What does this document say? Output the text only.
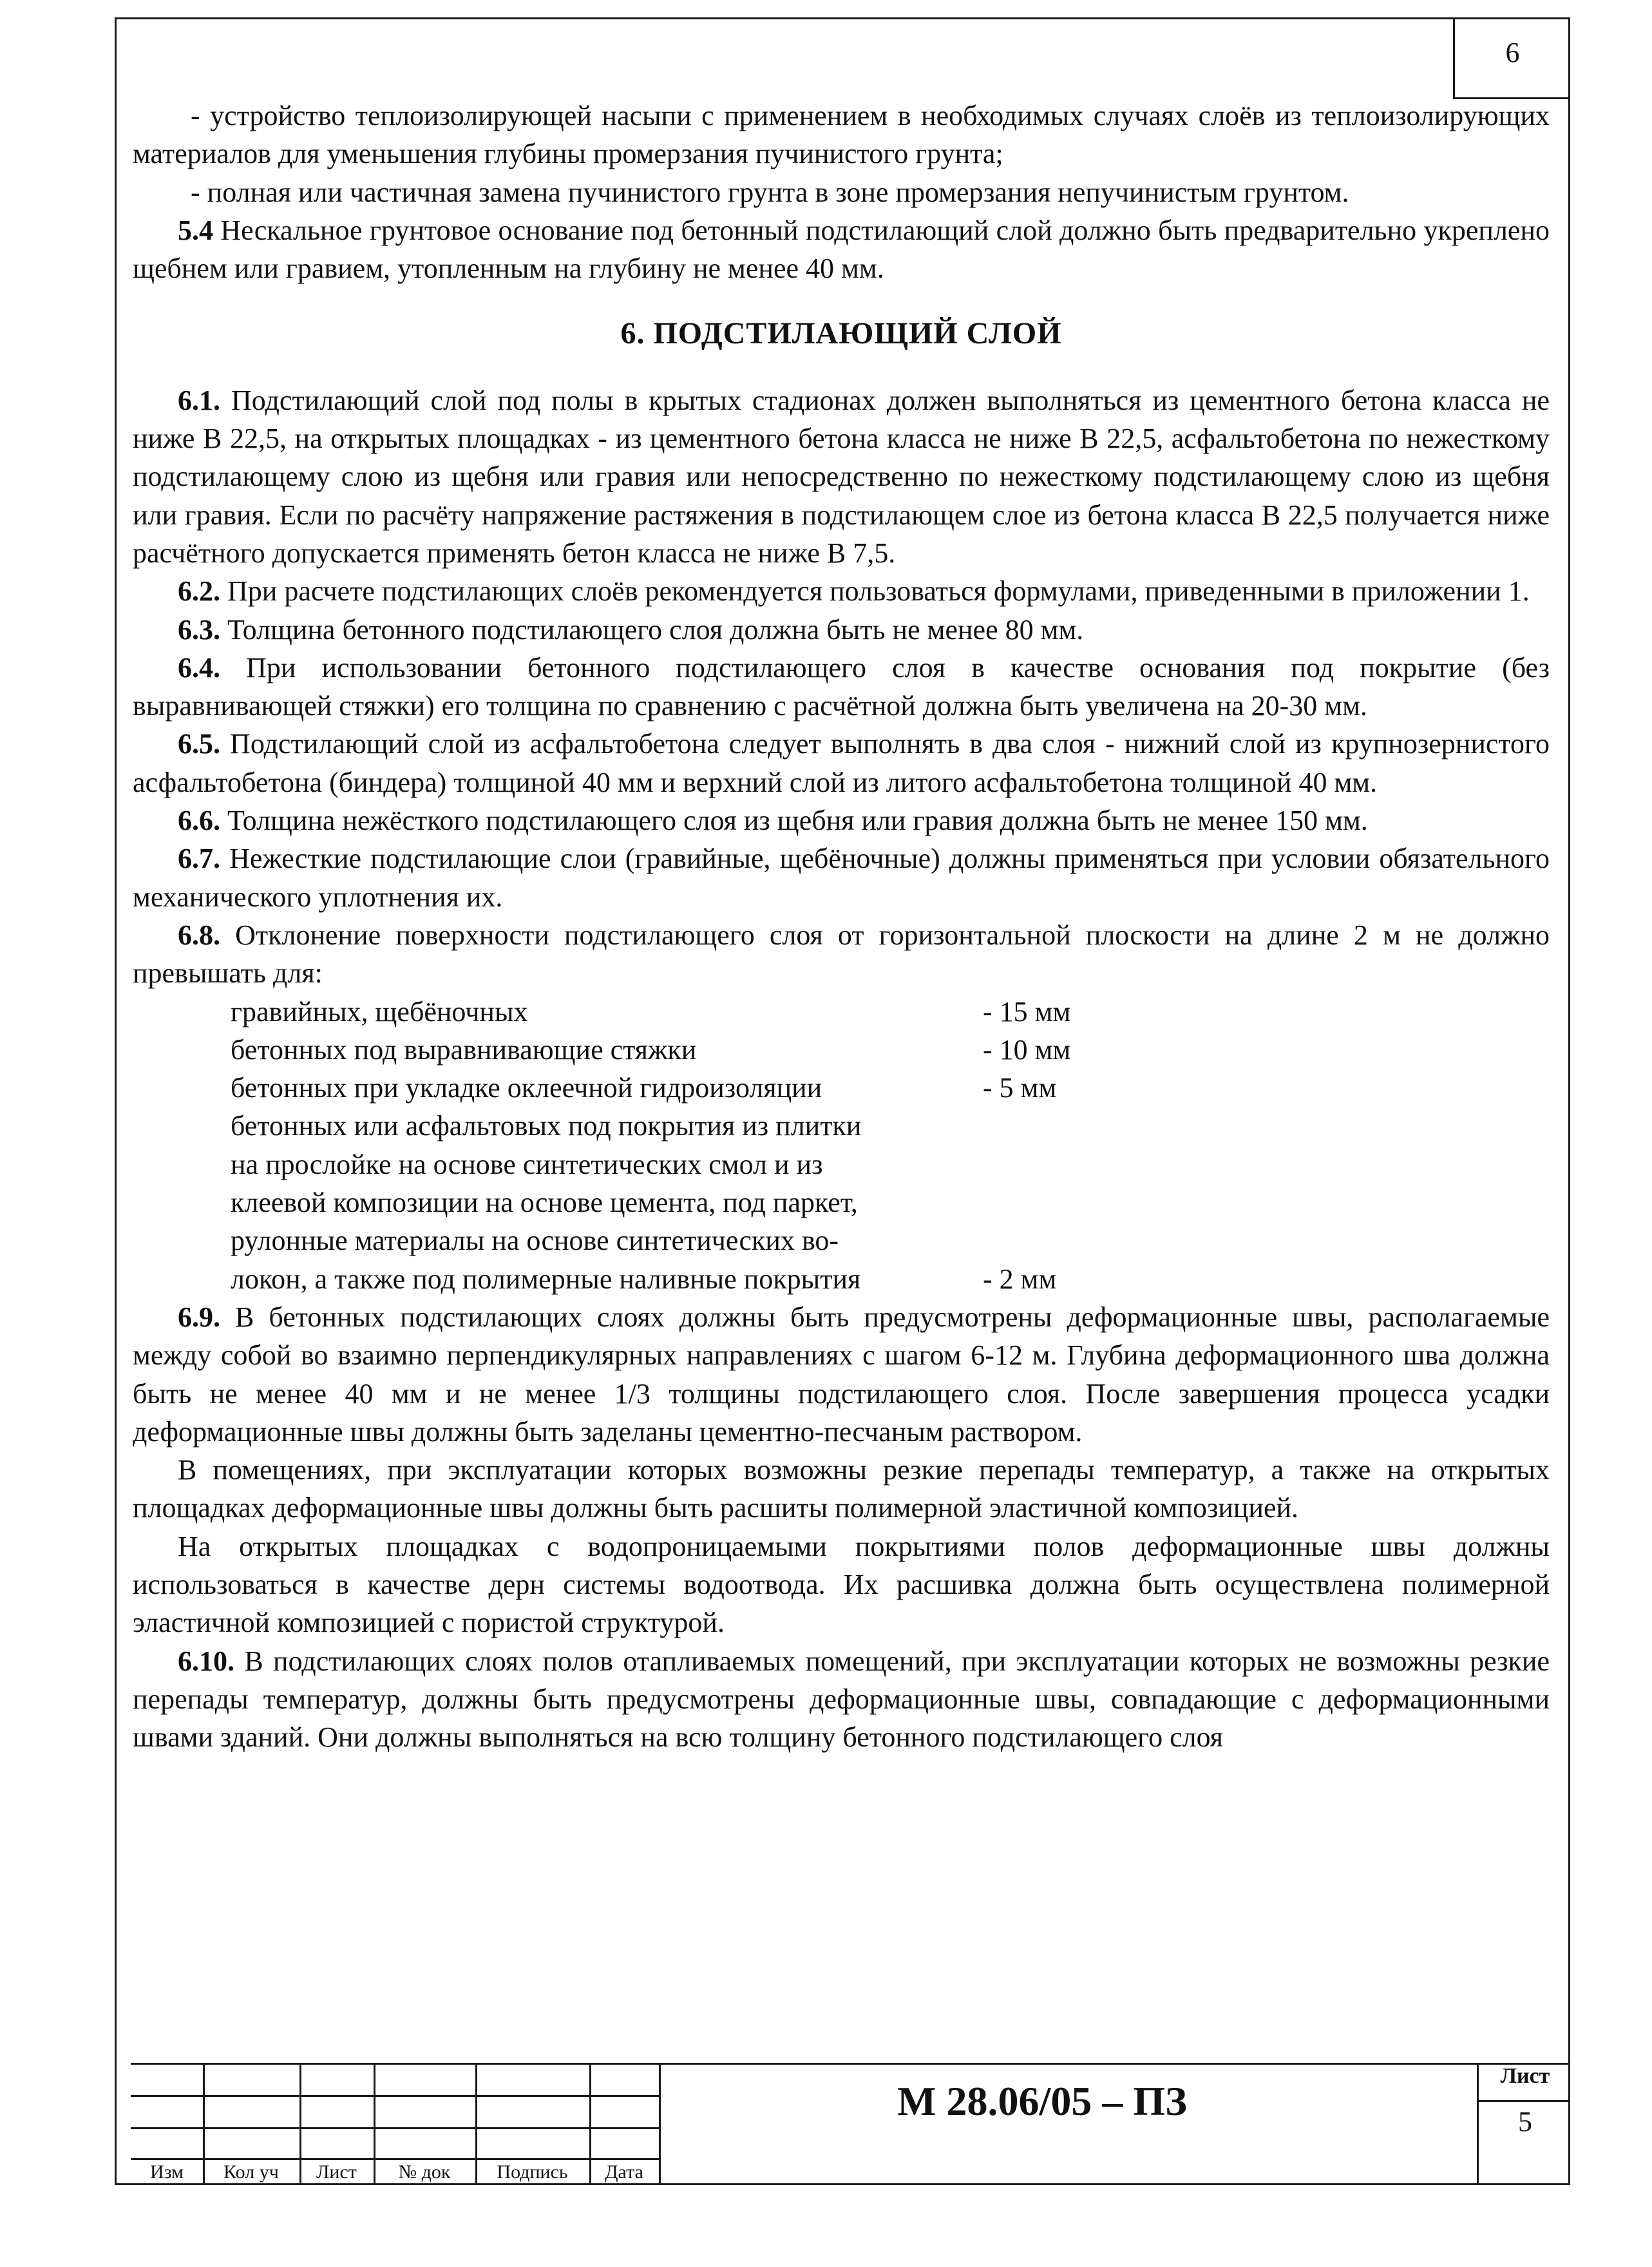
6

- устройство теплоизолирующей насыпи с применением в необходимых случаях слоёв из теплоизолирующих материалов для уменьшения глубины промерзания пучинистого грунта;

- полная или частичная замена пучинистого грунта в зоне промерзания непучинистым грунтом.

5.4 Нескальное грунтовое основание под бетонный подстилающий слой должно быть предварительно укреплено щебнем или гравием, утопленным на глубину не менее 40 мм.

6. ПОДСТИЛАЮЩИЙ СЛОЙ

6.1. Подстилающий слой под полы в крытых стадионах должен выполняться из цементного бетона класса не ниже В 22,5, на открытых площадках - из цементного бетона класса не ниже В 22,5, асфальтобетона по нежесткому подстилающему слою из щебня или гравия или непосредственно по нежесткому подстилающему слою из щебня или гравия. Если по расчёту напряжение растяжения в подстилающем слое из бетона класса В 22,5 получается ниже расчётного допускается применять бетон класса не ниже В 7,5.

6.2. При расчете подстилающих слоёв рекомендуется пользоваться формулами, приведенными в приложении 1.

6.3. Толщина бетонного подстилающего слоя должна быть не менее 80 мм.

6.4. При использовании бетонного подстилающего слоя в качестве основания под покрытие (без выравнивающей стяжки) его толщина по сравнению с расчётной должна быть увеличена на 20-30 мм.

6.5. Подстилающий слой из асфальтобетона следует выполнять в два слоя - нижний слой из крупнозернистого асфальтобетона (биндера) толщиной 40 мм и верхний слой из литого асфальтобетона толщиной 40 мм.

6.6. Толщина нежёсткого подстилающего слоя из щебня или гравия должна быть не менее 150 мм.

6.7. Нежесткие подстилающие слои (гравийные, щебёночные) должны применяться при условии обязательного механического уплотнения их.

6.8. Отклонение поверхности подстилающего слоя от горизонтальной плоскости на длине 2 м не должно превышать для:

гравийных, щебёночных	- 15 мм
бетонных под выравнивающие стяжки	- 10 мм
бетонных при укладке оклеечной гидроизоляции	- 5 мм
бетонных или асфальтовых под покрытия из плитки
на прослойке на основе синтетических смол и из
клеевой композиции на основе цемента, под паркет,
рулонные материалы на основе синтетических во-
локон, а также под полимерные наливные покрытия	- 2 мм

6.9. В бетонных подстилающих слоях должны быть предусмотрены деформационные швы, располагаемые между собой во взаимно перпендикулярных направлениях с шагом 6-12 м. Глубина деформационного шва должна быть не менее 40 мм и не менее 1/3 толщины подстилающего слоя. После завершения процесса усадки деформационные швы должны быть заделаны цементно-песчаным раствором.

В помещениях, при эксплуатации которых возможны резкие перепады температур, а также на открытых площадках деформационные швы должны быть расшиты полимерной эластичной композицией.

На открытых площадках с водопроницаемыми покрытиями полов деформационные швы должны использоваться в качестве дерн системы водоотвода. Их расшивка должна быть осуществлена полимерной эластичной композицией с пористой структурой.

6.10. В подстилающих слоях полов отапливаемых помещений, при эксплуатации которых не возможны резкие перепады температур, должны быть предусмотрены деформационные швы, совпадающие с деформационными швами зданий. Они должны выполняться на всю толщину бетонного подстилающего слоя

Изм	Кол уч	Лист	№ док	Подпись	Дата
М 28.06/05 – ПЗ
Лист
5
